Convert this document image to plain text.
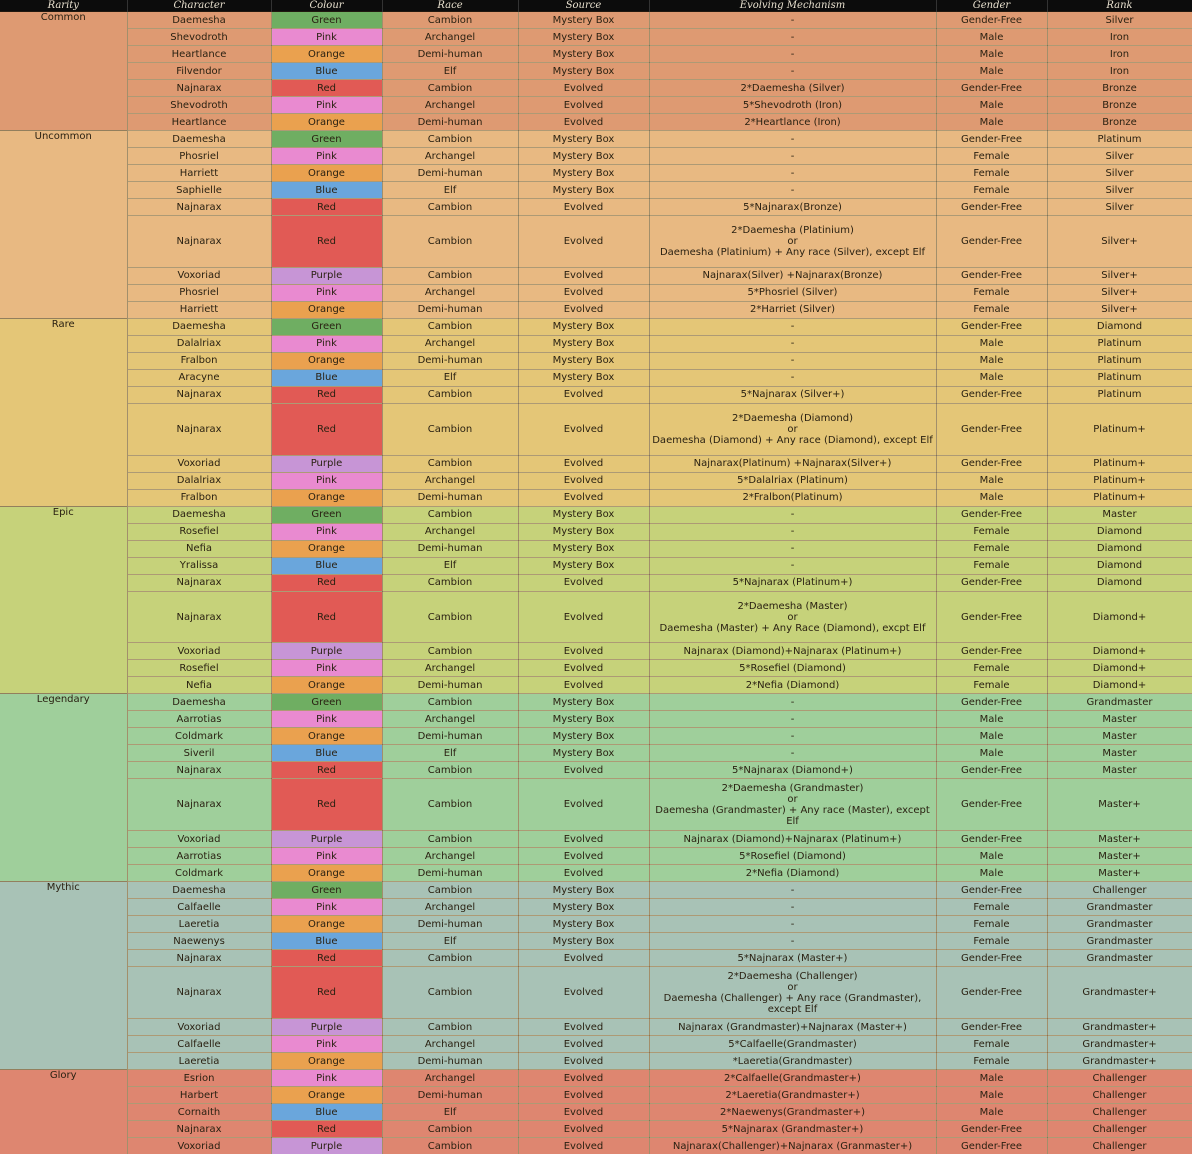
Rarity	Character	Colour	Race	Source	Evolving Mechanism	Gender	Rank
Common	Daemesha	Green	Cambion	Mystery Box	-	Gender-Free	Silver
	Shevodroth	Pink	Archangel	Mystery Box	-	Male	Iron
	Heartlance	Orange	Demi-human	Mystery Box	-	Male	Iron
	Filvendor	Blue	Elf	Mystery Box	-	Male	Iron
	Najnarax	Red	Cambion	Evolved	2*Daemesha (Silver)	Gender-Free	Bronze
	Shevodroth	Pink	Archangel	Evolved	5*Shevodroth (Iron)	Male	Bronze
	Heartlance	Orange	Demi-human	Evolved	2*Heartlance (Iron)	Male	Bronze
Uncommon	Daemesha	Green	Cambion	Mystery Box	-	Gender-Free	Platinum
	Phosriel	Pink	Archangel	Mystery Box	-	Female	Silver
	Harriett	Orange	Demi-human	Mystery Box	-	Female	Silver
	Saphielle	Blue	Elf	Mystery Box	-	Female	Silver
	Najnarax	Red	Cambion	Evolved	5*Najnarax(Bronze)	Gender-Free	Silver
	Najnarax	Red	Cambion	Evolved	2*Daemesha (Platinium)
or
Daemesha (Platinium) + Any race (Silver), except Elf	Gender-Free	Silver+
	Voxoriad	Purple	Cambion	Evolved	Najnarax(Silver) +Najnarax(Bronze)	Gender-Free	Silver+
	Phosriel	Pink	Archangel	Evolved	5*Phosriel (Silver)	Female	Silver+
	Harriett	Orange	Demi-human	Evolved	2*Harriet (Silver)	Female	Silver+
Rare	Daemesha	Green	Cambion	Mystery Box	-	Gender-Free	Diamond
	Dalalriax	Pink	Archangel	Mystery Box	-	Male	Platinum
	Fralbon	Orange	Demi-human	Mystery Box	-	Male	Platinum
	Aracyne	Blue	Elf	Mystery Box	-	Male	Platinum
	Najnarax	Red	Cambion	Evolved	5*Najnarax (Silver+)	Gender-Free	Platinum
	Najnarax	Red	Cambion	Evolved	2*Daemesha (Diamond)
or
Daemesha (Diamond) + Any race (Diamond), except Elf	Gender-Free	Platinum+
	Voxoriad	Purple	Cambion	Evolved	Najnarax(Platinum) +Najnarax(Silver+)	Gender-Free	Platinum+
	Dalalriax	Pink	Archangel	Evolved	5*Dalalriax (Platinum)	Male	Platinum+
	Fralbon	Orange	Demi-human	Evolved	2*Fralbon(Platinum)	Male	Platinum+
Epic	Daemesha	Green	Cambion	Mystery Box	-	Gender-Free	Master
	Rosefiel	Pink	Archangel	Mystery Box	-	Female	Diamond
	Nefia	Orange	Demi-human	Mystery Box	-	Female	Diamond
	Yralissa	Blue	Elf	Mystery Box	-	Female	Diamond
	Najnarax	Red	Cambion	Evolved	5*Najnarax (Platinum+)	Gender-Free	Diamond
	Najnarax	Red	Cambion	Evolved	2*Daemesha (Master)
or
Daemesha (Master) + Any Race (Diamond), excpt Elf	Gender-Free	Diamond+
	Voxoriad	Purple	Cambion	Evolved	Najnarax (Diamond)+Najnarax (Platinum+)	Gender-Free	Diamond+
	Rosefiel	Pink	Archangel	Evolved	5*Rosefiel (Diamond)	Female	Diamond+
	Nefia	Orange	Demi-human	Evolved	2*Nefia (Diamond)	Female	Diamond+
Legendary	Daemesha	Green	Cambion	Mystery Box	-	Gender-Free	Grandmaster
	Aarrotias	Pink	Archangel	Mystery Box	-	Male	Master
	Coldmark	Orange	Demi-human	Mystery Box	-	Male	Master
	Siveril	Blue	Elf	Mystery Box	-	Male	Master
	Najnarax	Red	Cambion	Evolved	5*Najnarax (Diamond+)	Gender-Free	Master
	Najnarax	Red	Cambion	Evolved	2*Daemesha (Grandmaster)
or
Daemesha (Grandmaster) + Any race (Master), except Elf	Gender-Free	Master+
	Voxoriad	Purple	Cambion	Evolved	Najnarax (Diamond)+Najnarax (Platinum+)	Gender-Free	Master+
	Aarrotias	Pink	Archangel	Evolved	5*Rosefiel (Diamond)	Male	Master+
	Coldmark	Orange	Demi-human	Evolved	2*Nefia (Diamond)	Male	Master+
Mythic	Daemesha	Green	Cambion	Mystery Box	-	Gender-Free	Challenger
	Calfaelle	Pink	Archangel	Mystery Box	-	Female	Grandmaster
	Laeretia	Orange	Demi-human	Mystery Box	-	Female	Grandmaster
	Naewenys	Blue	Elf	Mystery Box	-	Female	Grandmaster
	Najnarax	Red	Cambion	Evolved	5*Najnarax (Master+)	Gender-Free	Grandmaster
	Najnarax	Red	Cambion	Evolved	2*Daemesha (Challenger)
or
Daemesha (Challenger) + Any race (Grandmaster), except Elf	Gender-Free	Grandmaster+
	Voxoriad	Purple	Cambion	Evolved	Najnarax (Grandmaster)+Najnarax (Master+)	Gender-Free	Grandmaster+
	Calfaelle	Pink	Archangel	Evolved	5*Calfaelle(Grandmaster)	Female	Grandmaster+
	Laeretia	Orange	Demi-human	Evolved	*Laeretia(Grandmaster)	Female	Grandmaster+
Glory	Esrion	Pink	Archangel	Evolved	2*Calfaelle(Grandmaster+)	Male	Challenger
	Harbert	Orange	Demi-human	Evolved	2*Laeretia(Grandmaster+)	Male	Challenger
	Cornaith	Blue	Elf	Evolved	2*Naewenys(Grandmaster+)	Male	Challenger
	Najnarax	Red	Cambion	Evolved	5*Najnarax (Grandmaster+)	Gender-Free	Challenger
	Voxoriad	Purple	Cambion	Evolved	Najnarax(Challenger)+Najnarax (Granmaster+)	Gender-Free	Challenger
